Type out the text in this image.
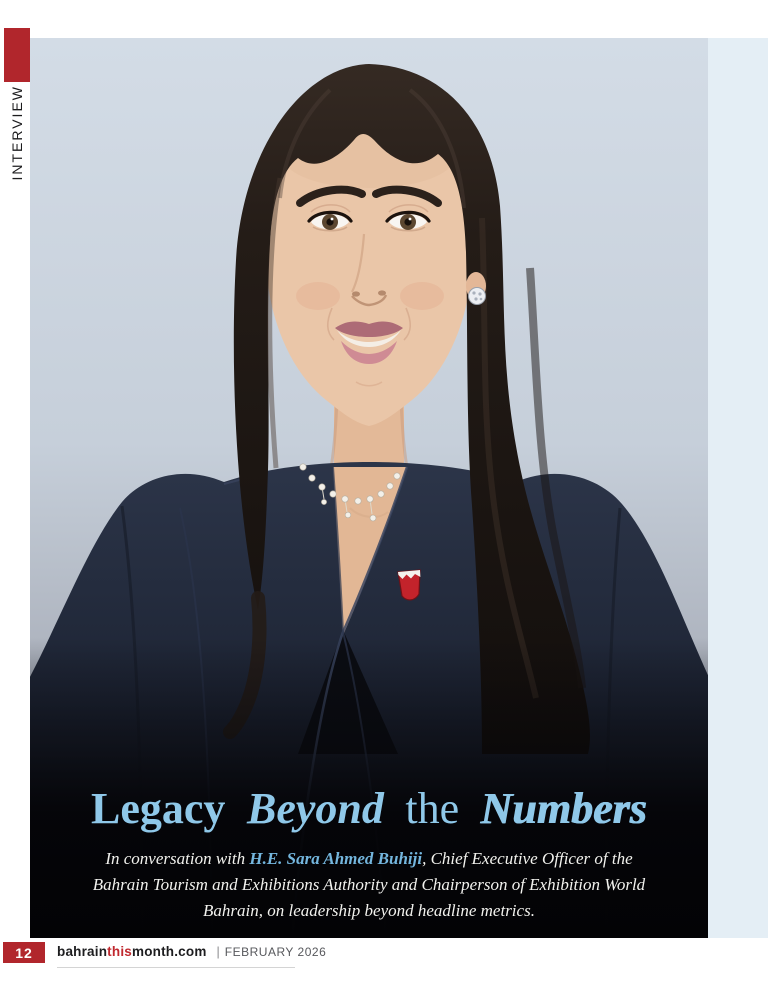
INTERVIEW
Legacy Beyond the Numbers
In conversation with H.E. Sara Ahmed Buhiji, Chief Executive Officer of the
Bahrain Tourism and Exhibitions Authority and Chairperson of Exhibition World
Bahrain, on leadership beyond headline metrics.
12	bahrainthismonth.com | FEBRUARY 2026
